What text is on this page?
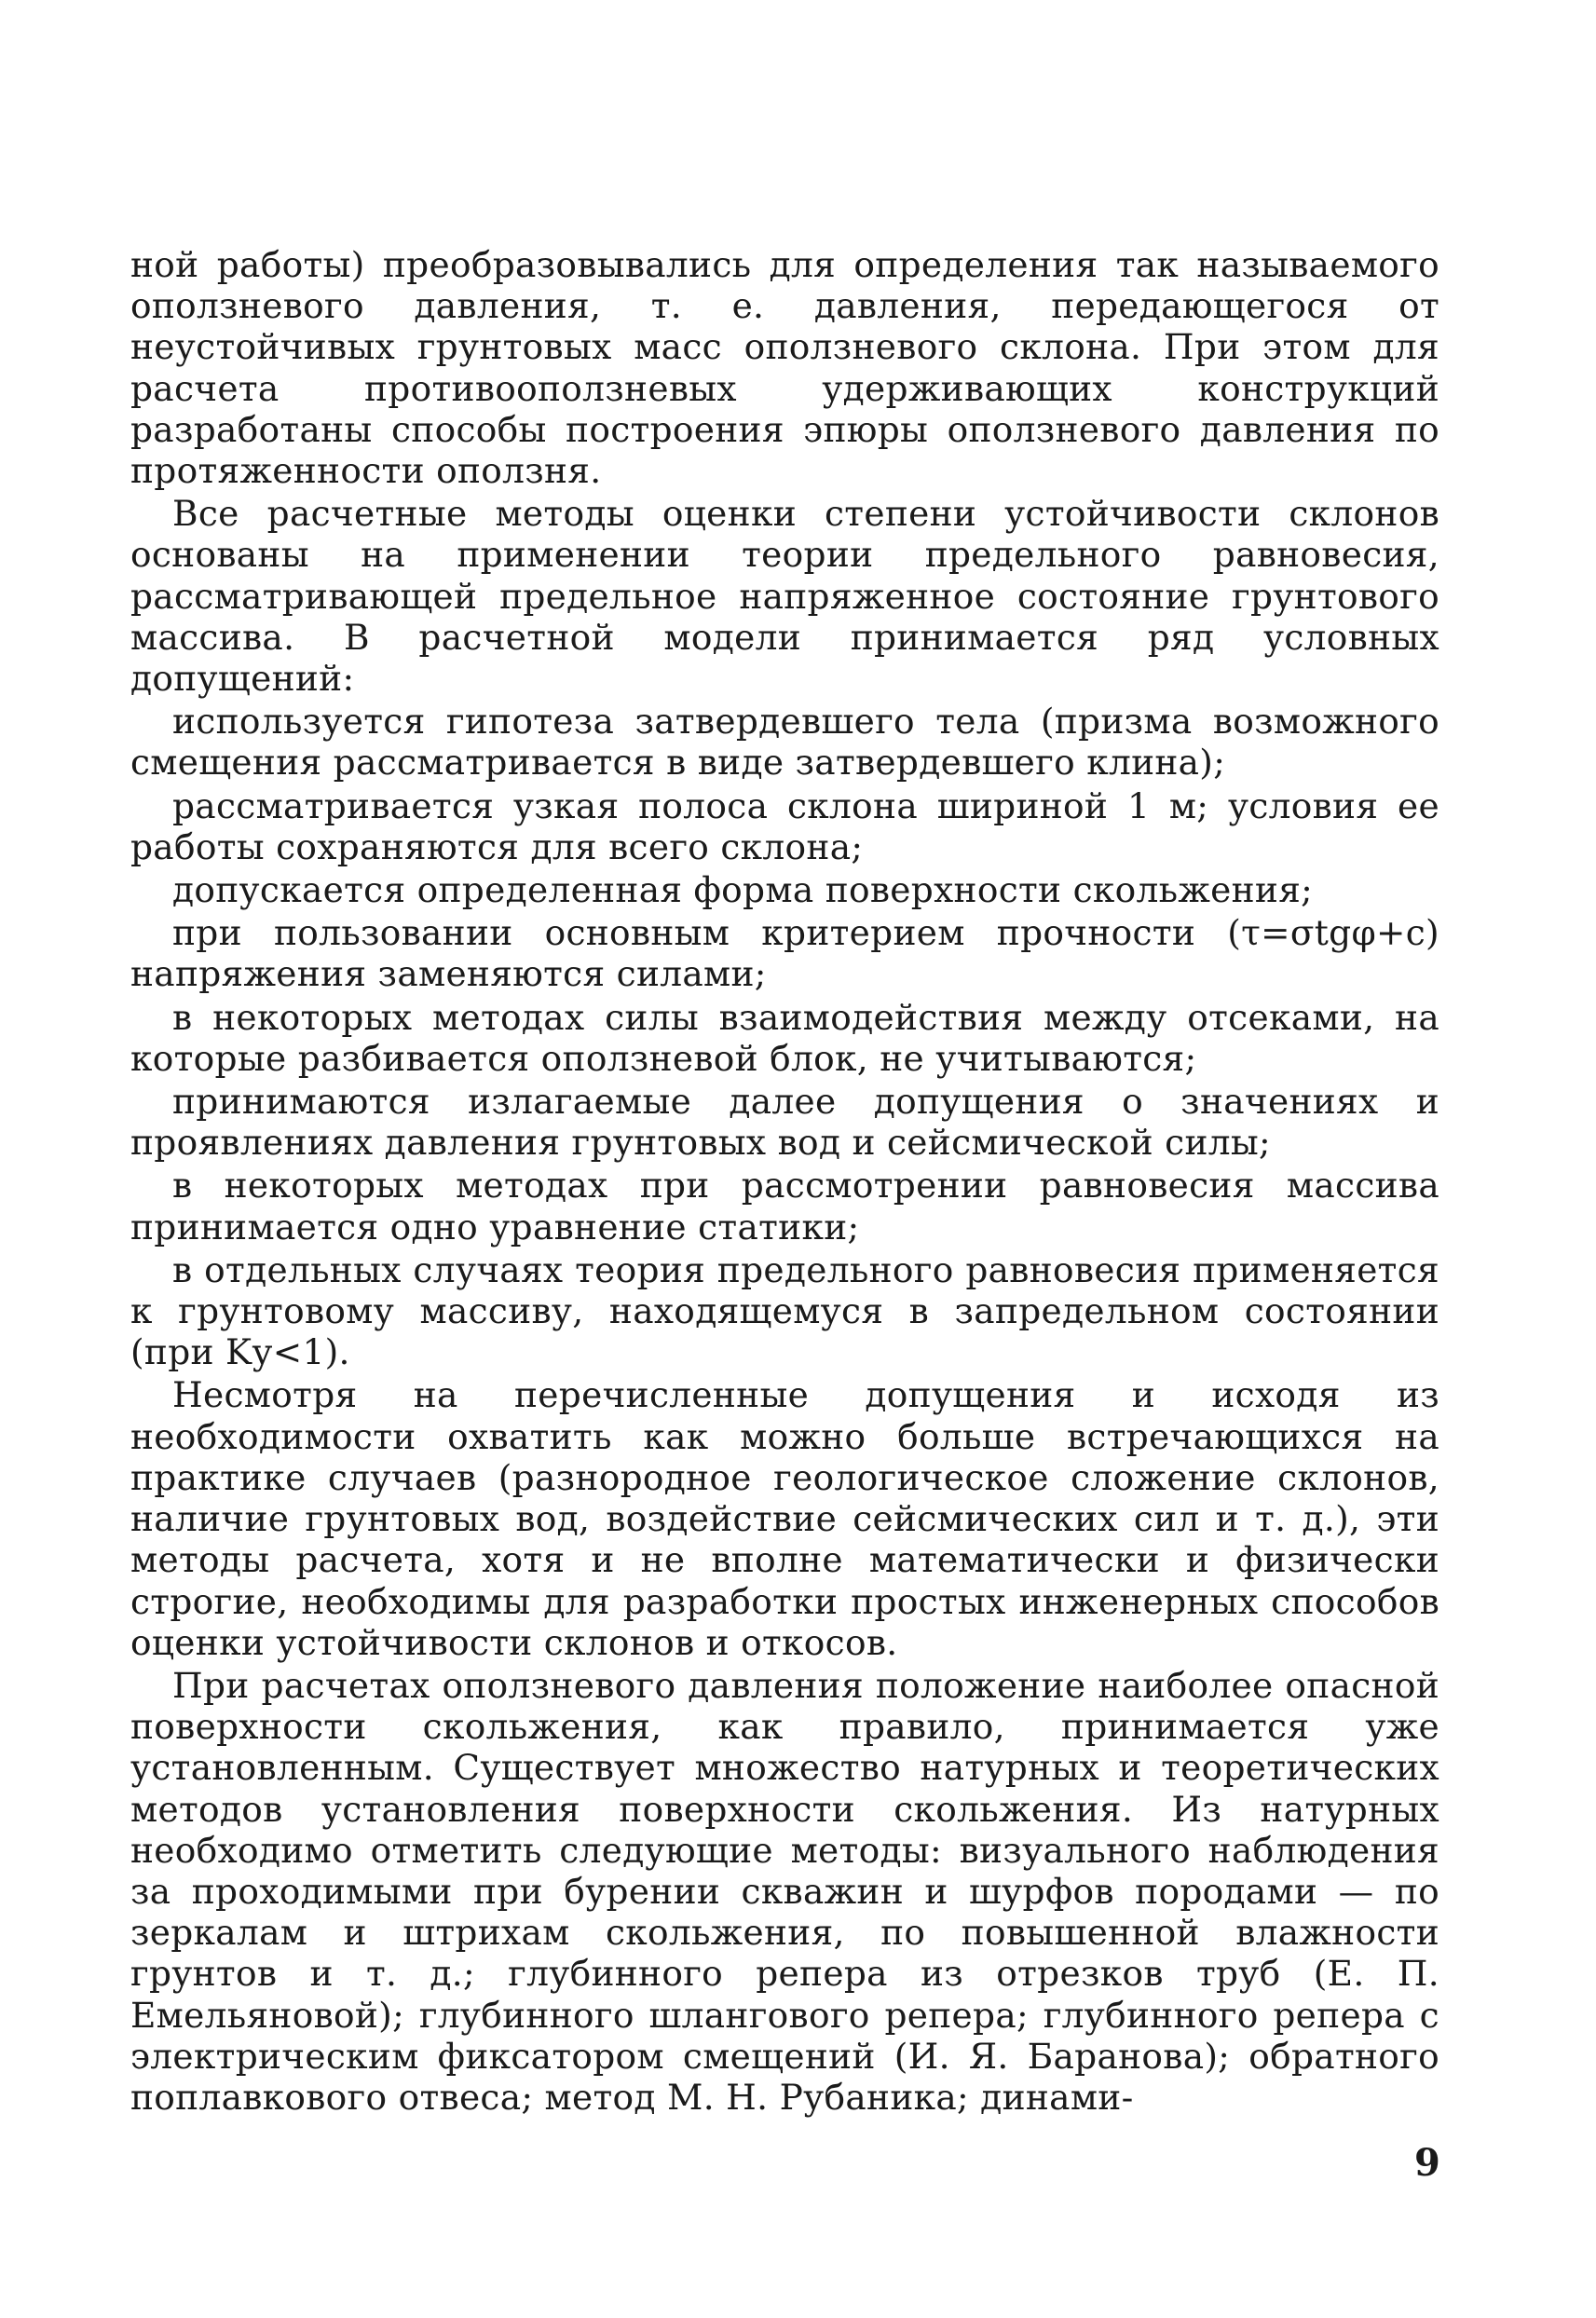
ной работы) преобразовывались для определения так называемого оползневого давления, т. е. давления, передающегося от неустойчивых грунтовых масс оползневого склона. При этом для расчета противооползневых удерживающих конструкций разработаны способы построения эпюры оползневого давления по протяженности оползня.

Все расчетные методы оценки степени устойчивости склонов основаны на применении теории предельного равновесия, рассматривающей предельное напряженное состояние грунтового массива. В расчетной модели принимается ряд условных допущений:

используется гипотеза затвердевшего тела (призма возможного смещения рассматривается в виде затвердевшего клина);

рассматривается узкая полоса склона шириной 1 м; условия ее работы сохраняются для всего склона;

допускается определенная форма поверхности скольжения;

при пользовании основным критерием прочности (τ=σtgφ+c) напряжения заменяются силами;

в некоторых методах силы взаимодействия между отсеками, на которые разбивается оползневой блок, не учитываются;

принимаются излагаемые далее допущения о значениях и проявлениях давления грунтовых вод и сейсмической силы;

в некоторых методах при рассмотрении равновесия массива принимается одно уравнение статики;

в отдельных случаях теория предельного равновесия применяется к грунтовому массиву, находящемуся в запредельном состоянии (при Kу<1).

Несмотря на перечисленные допущения и исходя из необходимости охватить как можно больше встречающихся на практике случаев (разнородное геологическое сложение склонов, наличие грунтовых вод, воздействие сейсмических сил и т. д.), эти методы расчета, хотя и не вполне математически и физически строгие, необходимы для разработки простых инженерных способов оценки устойчивости склонов и откосов.

При расчетах оползневого давления положение наиболее опасной поверхности скольжения, как правило, принимается уже установленным. Существует множество натурных и теоретических методов установления поверхности скольжения. Из натурных необходимо отметить следующие методы: визуального наблюдения за проходимыми при бурении скважин и шурфов породами — по зеркалам и штрихам скольжения, по повышенной влажности грунтов и т. д.; глубинного репера из отрезков труб (Е. П. Емельяновой); глубинного шлангового репера; глубинного репера с электрическим фиксатором смещений (И. Я. Баранова); обратного поплавкового отвеса; метод М. Н. Рубаника; динами-

9
